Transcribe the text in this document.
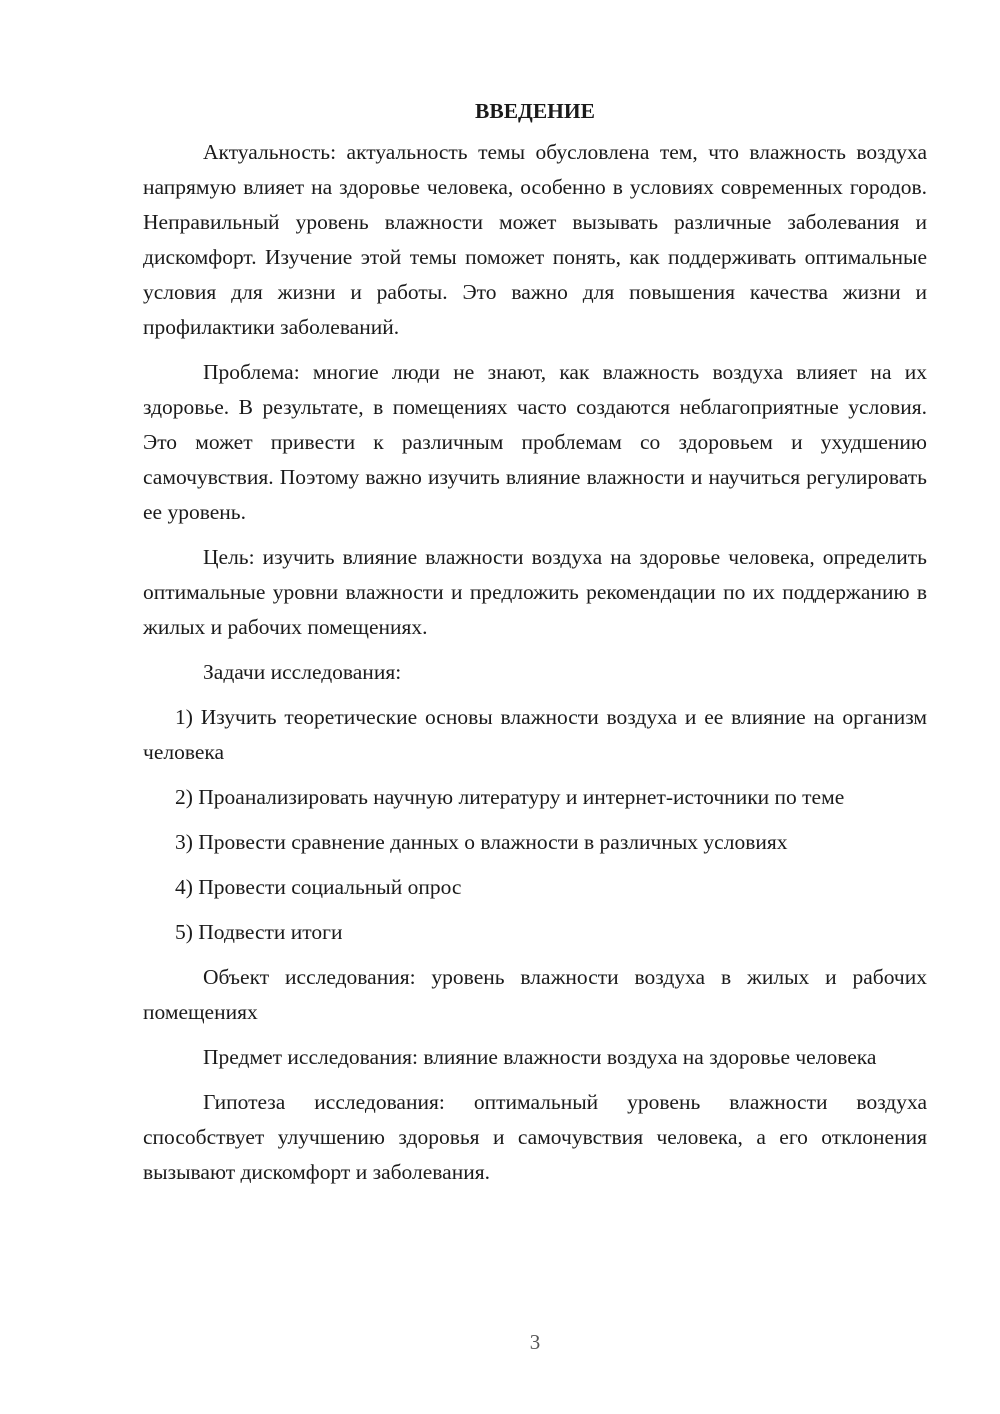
ВВЕДЕНИЕ

Актуальность: актуальность темы обусловлена тем, что влажность воздуха напрямую влияет на здоровье человека, особенно в условиях современных городов. Неправильный уровень влажности может вызывать различные заболевания и дискомфорт. Изучение этой темы поможет понять, как поддерживать оптимальные условия для жизни и работы. Это важно для повышения качества жизни и профилактики заболеваний.

Проблема: многие люди не знают, как влажность воздуха влияет на их здоровье. В результате, в помещениях часто создаются неблагоприятные условия. Это может привести к различным проблемам со здоровьем и ухудшению самочувствия. Поэтому важно изучить влияние влажности и научиться регулировать ее уровень.

Цель: изучить влияние влажности воздуха на здоровье человека, определить оптимальные уровни влажности и предложить рекомендации по их поддержанию в жилых и рабочих помещениях.

Задачи исследования:

1) Изучить теоретические основы влажности воздуха и ее влияние на организм человека

2) Проанализировать научную литературу и интернет-источники по теме

3) Провести сравнение данных о влажности в различных условиях

4) Провести социальный опрос

5) Подвести итоги

Объект исследования: уровень влажности воздуха в жилых и рабочих помещениях

Предмет исследования: влияние влажности воздуха на здоровье человека

Гипотеза исследования: оптимальный уровень влажности воздуха способствует улучшению здоровья и самочувствия человека, а его отклонения вызывают дискомфорт и заболевания.

3
